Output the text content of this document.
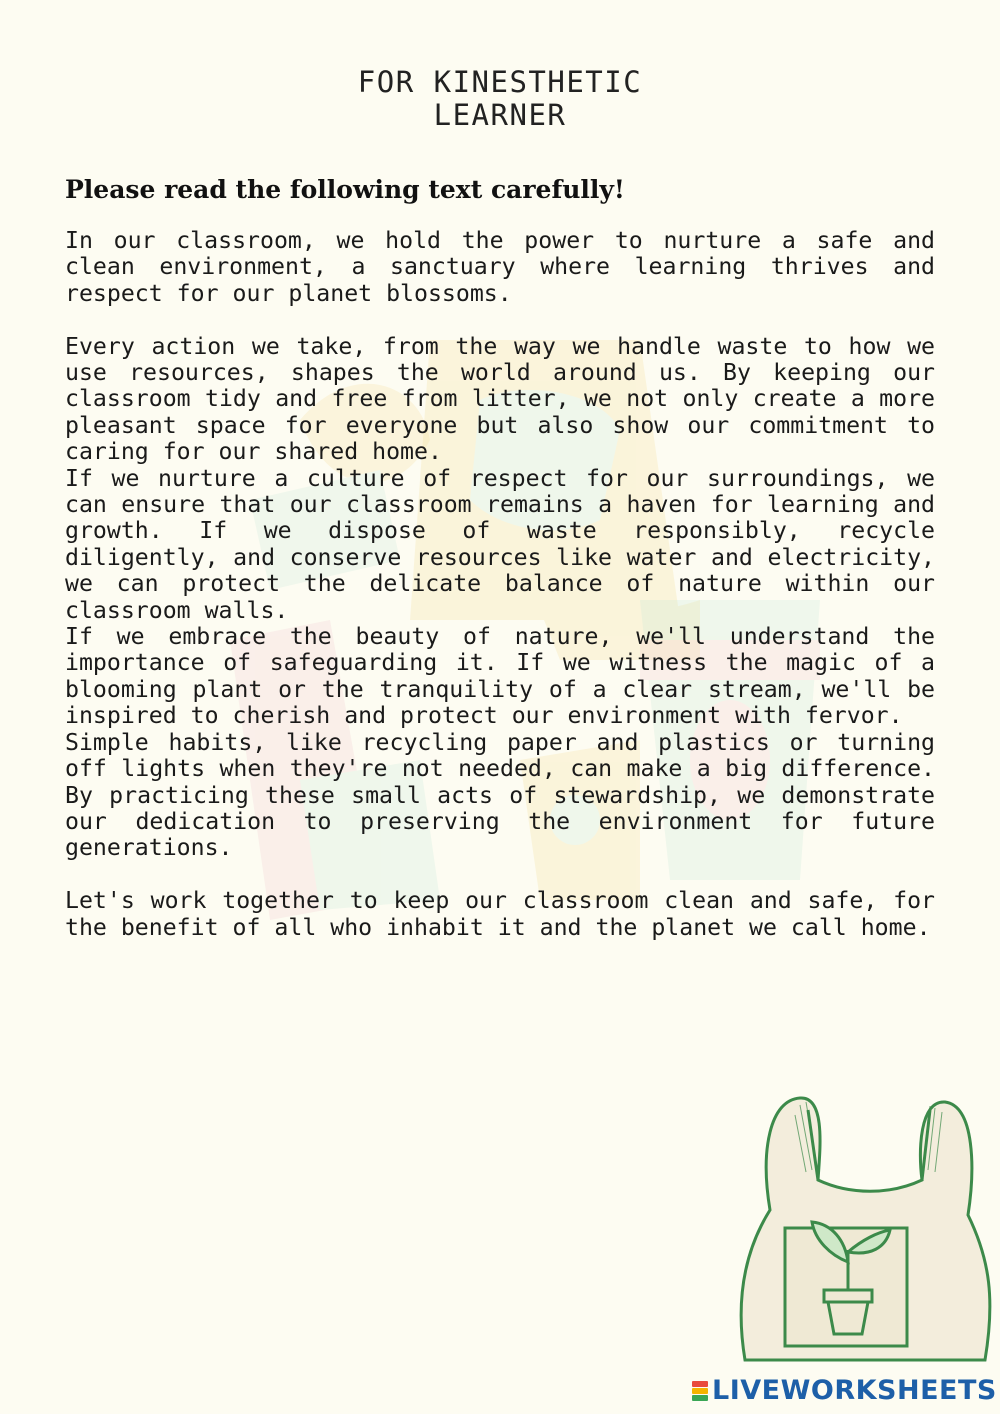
FOR KINESTHETIC
LEARNER
Please read the following text carefully!

In our classroom, we hold the power to nurture a safe and clean environment, a sanctuary where learning thrives and respect for our planet blossoms.

Every action we take, from the way we handle waste to how we use resources, shapes the world around us. By keeping our classroom tidy and free from litter, we not only create a more pleasant space for everyone but also show our commitment to caring for our shared home.

If we nurture a culture of respect for our surroundings, we can ensure that our classroom remains a haven for learning and growth. If we dispose of waste responsibly, recycle diligently, and conserve resources like water and electricity, we can protect the delicate balance of nature within our classroom walls.

If we embrace the beauty of nature, we'll understand the importance of safeguarding it. If we witness the magic of a blooming plant or the tranquility of a clear stream, we'll be inspired to cherish and protect our environment with fervor.

Simple habits, like recycling paper and plastics or turning off lights when they're not needed, can make a big difference. By practicing these small acts of stewardship, we demonstrate our dedication to preserving the environment for future generations.

Let's work together to keep our classroom clean and safe, for the benefit of all who inhabit it and the planet we call home.

LIVEWORKSHEETS
